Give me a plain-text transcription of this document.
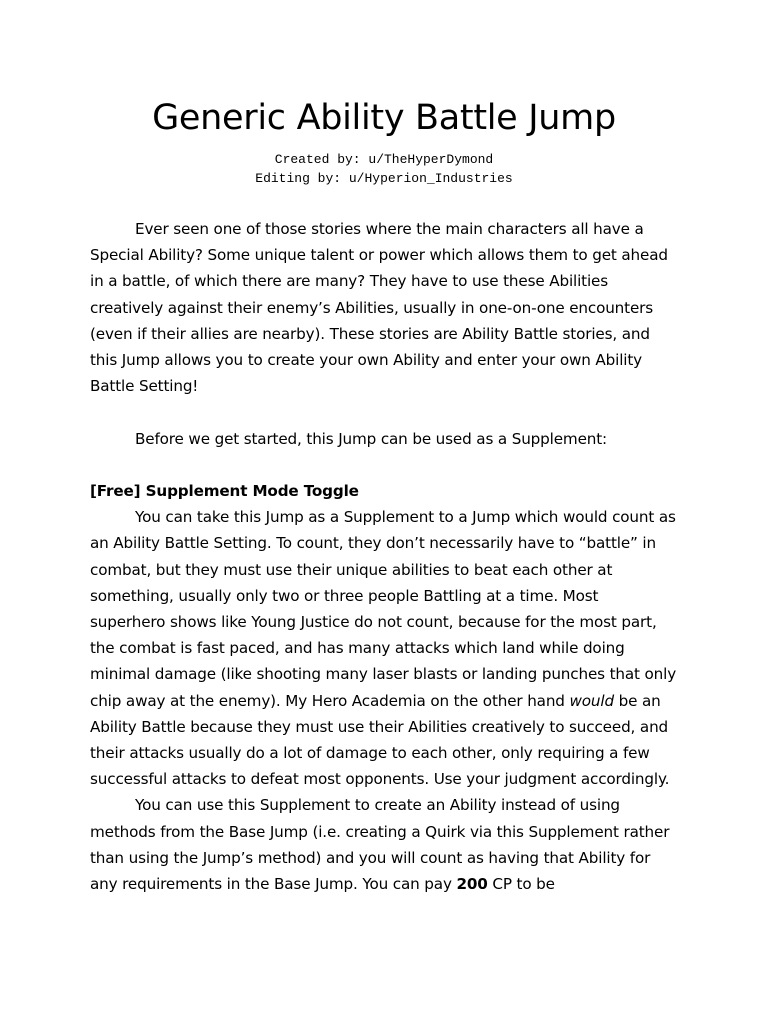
Generic Ability Battle Jump
Created by: u/TheHyperDymond
Editing by: u/Hyperion_Industries

Ever seen one of those stories where the main characters all have a Special Ability? Some unique talent or power which allows them to get ahead in a battle, of which there are many? They have to use these Abilities creatively against their enemy’s Abilities, usually in one-on-one encounters (even if their allies are nearby). These stories are Ability Battle stories, and this Jump allows you to create your own Ability and enter your own Ability Battle Setting!

Before we get started, this Jump can be used as a Supplement:

[Free] Supplement Mode Toggle

You can take this Jump as a Supplement to a Jump which would count as an Ability Battle Setting. To count, they don’t necessarily have to “battle” in combat, but they must use their unique abilities to beat each other at something, usually only two or three people Battling at a time. Most superhero shows like Young Justice do not count, because for the most part, the combat is fast paced, and has many attacks which land while doing minimal damage (like shooting many laser blasts or landing punches that only chip away at the enemy). My Hero Academia on the other hand would be an Ability Battle because they must use their Abilities creatively to succeed, and their attacks usually do a lot of damage to each other, only requiring a few successful attacks to defeat most opponents. Use your judgment accordingly.

You can use this Supplement to create an Ability instead of using methods from the Base Jump (i.e. creating a Quirk via this Supplement rather than using the Jump’s method) and you will count as having that Ability for any requirements in the Base Jump. You can pay 200 CP to be
